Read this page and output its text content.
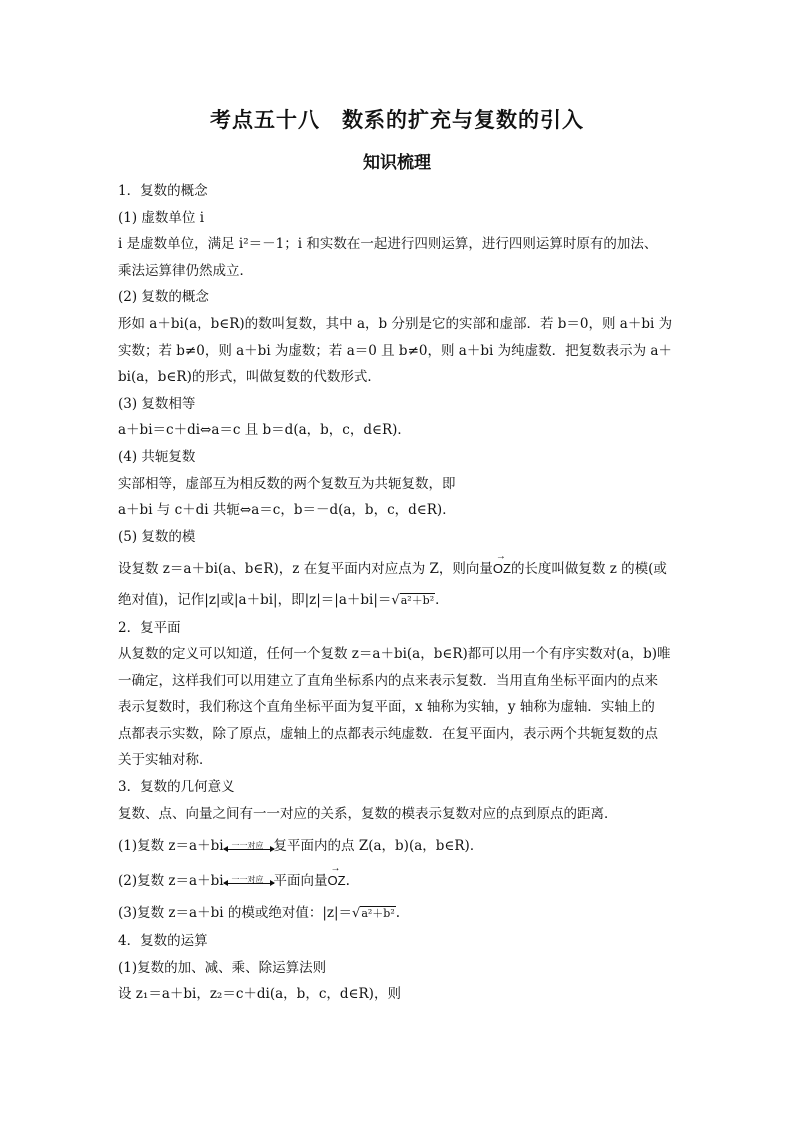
考点五十八　数系的扩充与复数的引入
知识梳理
1．复数的概念
(1) 虚数单位 i
i 是虚数单位，满足 i²＝－1；i 和实数在一起进行四则运算，进行四则运算时原有的加法、
乘法运算律仍然成立．
(2) 复数的概念
形如 a＋bi(a，b∈R)的数叫复数，其中 a，b 分别是它的实部和虚部．若 b＝0，则 a＋bi 为
实数；若 b≠0，则 a＋bi 为虚数；若 a＝0 且 b≠0，则 a＋bi 为纯虚数．把复数表示为 a＋
bi(a，b∈R)的形式，叫做复数的代数形式．
(3) 复数相等
a＋bi＝c＋di⇔a＝c 且 b＝d(a，b，c，d∈R)．
(4) 共轭复数
实部相等，虚部互为相反数的两个复数互为共轭复数，即
a＋bi 与 c＋di 共轭⇔a＝c，b＝－d(a，b，c，d∈R)．
(5) 复数的模
设复数 z＝a＋bi(a、b∈R)，z 在复平面内对应点为 Z，则向量→ OZ的长度叫做复数 z 的模(或
绝对值)，记作|z|或|a＋bi|，即|z|＝|a＋bi|＝√a²＋b²．
2．复平面
从复数的定义可以知道，任何一个复数 z＝a＋bi(a，b∈R)都可以用一个有序实数对(a，b)唯
一确定，这样我们可以用建立了直角坐标系内的点来表示复数．当用直角坐标平面内的点来
表示复数时，我们称这个直角坐标平面为复平面，x 轴称为实轴，y 轴称为虚轴．实轴上的
点都表示实数，除了原点，虚轴上的点都表示纯虚数．在复平面内，表示两个共轭复数的点
关于实轴对称．
3．复数的几何意义
复数、点、向量之间有一一对应的关系，复数的模表示复数对应的点到原点的距离．
(1)复数 z＝a＋bi 一一对应 复平面内的点 Z(a，b)(a，b∈R)．
(2)复数 z＝a＋bi 一一对应 平面向量→ OZ.
(3)复数 z＝a＋bi 的模或绝对值：|z|＝√a²＋b².
4．复数的运算
(1)复数的加、减、乘、除运算法则
设 z₁＝a＋bi，z₂＝c＋di(a，b，c，d∈R)，则
